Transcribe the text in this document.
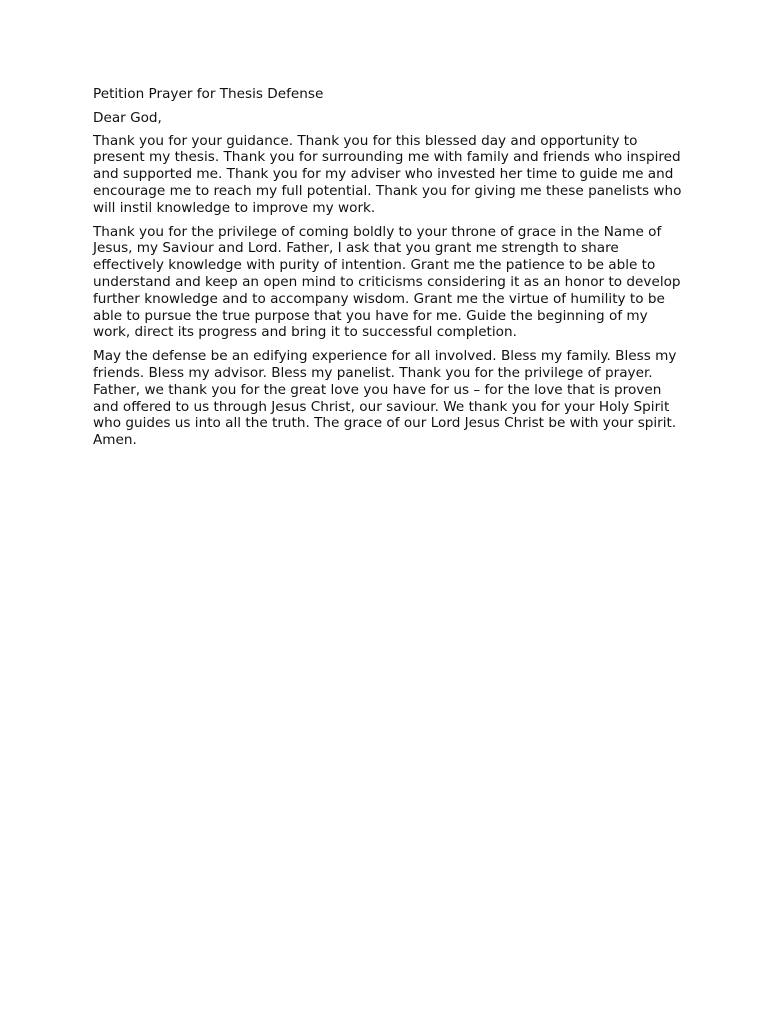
Petition Prayer for Thesis Defense
Dear God,
Thank you for your guidance. Thank you for this blessed day and opportunity to present my thesis. Thank you for surrounding me with family and friends who inspired and supported me. Thank you for my adviser who invested her time to guide me and encourage me to reach my full potential. Thank you for giving me these panelists who will instil knowledge to improve my work.
Thank you for the privilege of coming boldly to your throne of grace in the Name of Jesus, my Saviour and Lord. Father, I ask that you grant me strength to share effectively knowledge with purity of intention. Grant me the patience to be able to understand and keep an open mind to criticisms considering it as an honor to develop further knowledge and to accompany wisdom. Grant me the virtue of humility to be able to pursue the true purpose that you have for me. Guide the beginning of my work, direct its progress and bring it to successful completion.
May the defense be an edifying experience for all involved. Bless my family. Bless my friends. Bless my advisor. Bless my panelist. Thank you for the privilege of prayer. Father, we thank you for the great love you have for us – for the love that is proven and offered to us through Jesus Christ, our saviour. We thank you for your Holy Spirit who guides us into all the truth. The grace of our Lord Jesus Christ be with your spirit. Amen.
